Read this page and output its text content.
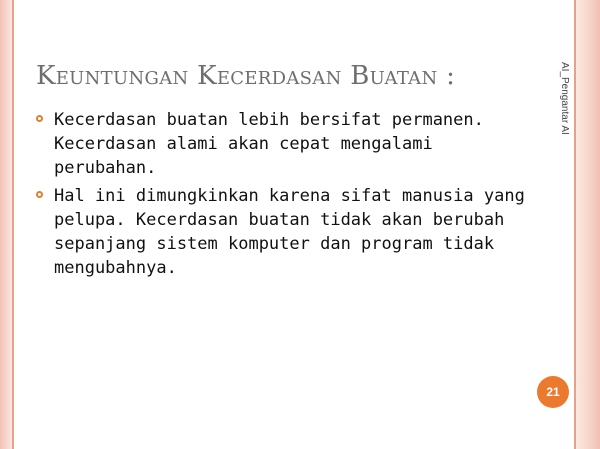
Keuntungan Kecerdasan Buatan :
Kecerdasan buatan lebih bersifat permanen. Kecerdasan alami akan cepat mengalami perubahan.
Hal ini dimungkinkan karena sifat manusia yang pelupa. Kecerdasan buatan tidak akan berubah sepanjang sistem komputer dan program tidak mengubahnya.
AI_Pengantar AI
21
